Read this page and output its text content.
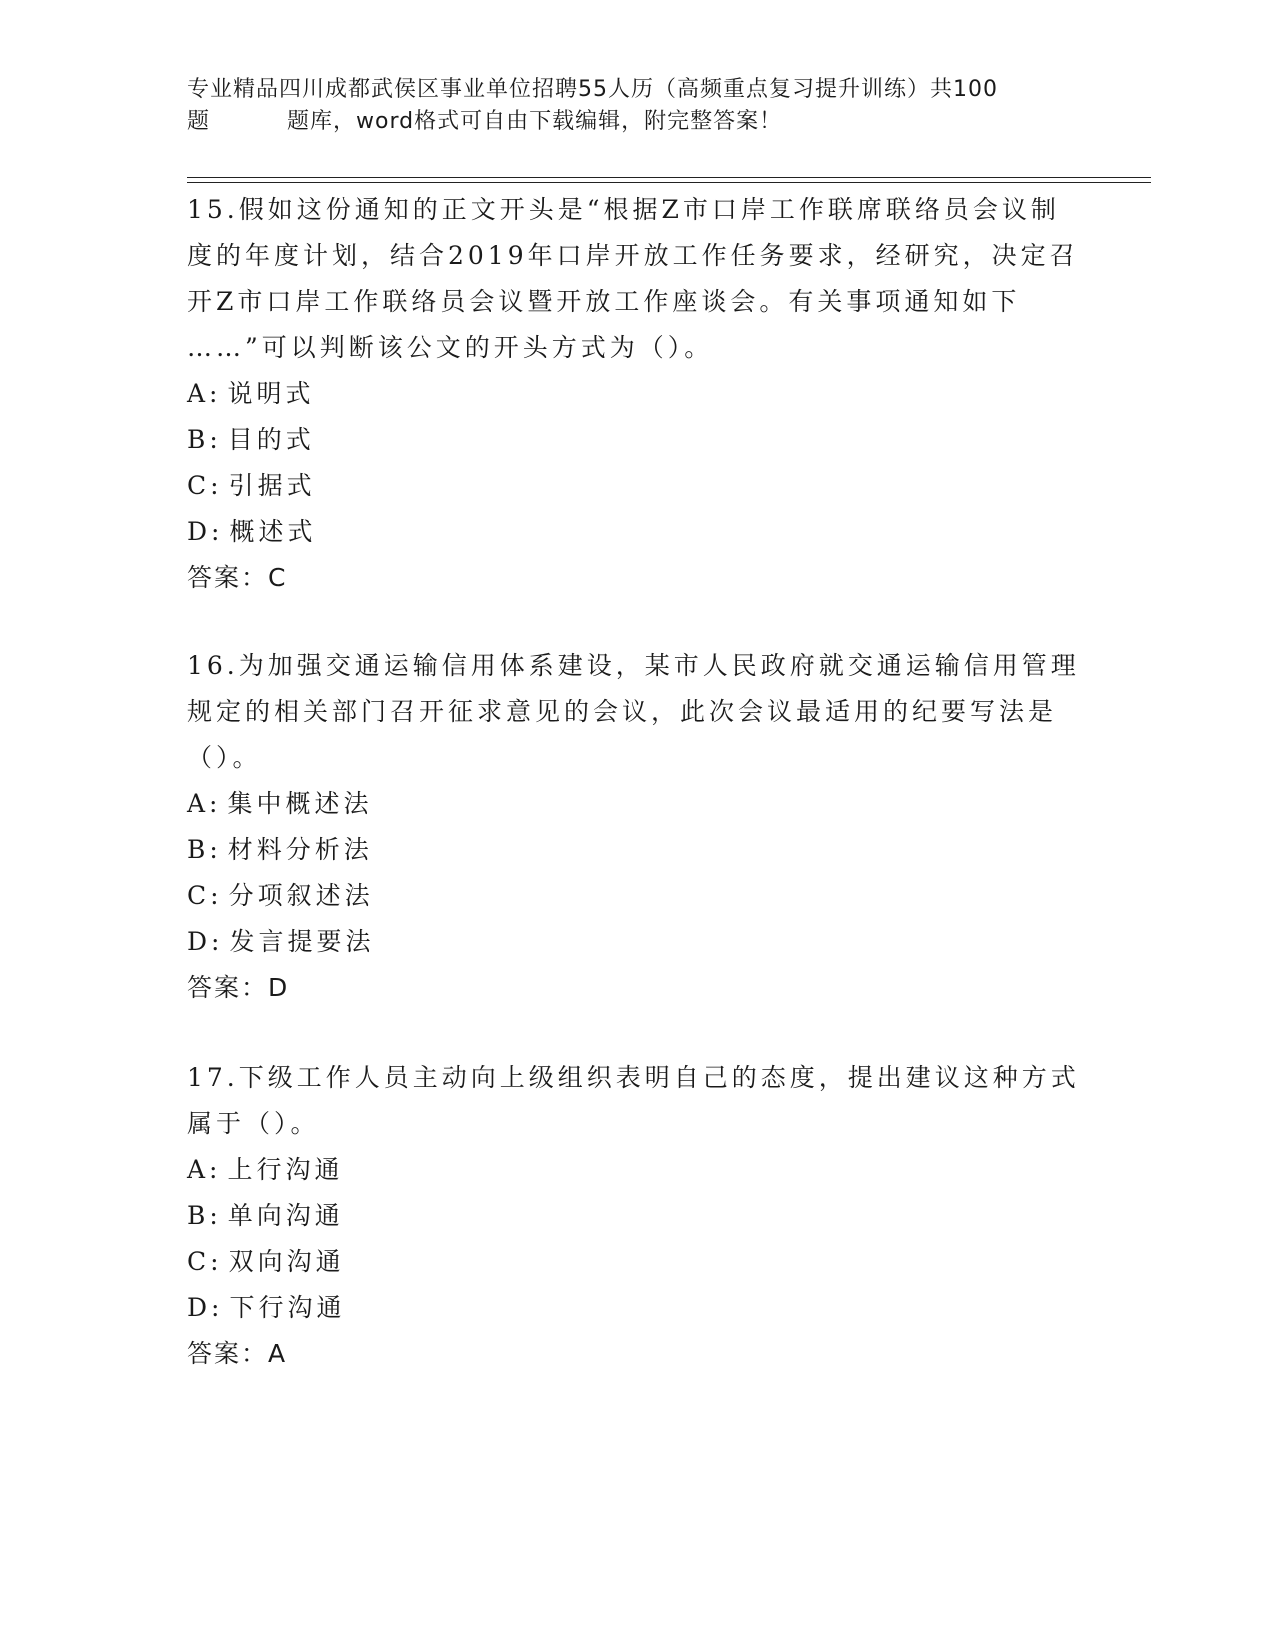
专业精品四川成都武侯区事业单位招聘55人历（高频重点复习提升训练）共100
题	题库，word格式可自由下载编辑，附完整答案！
15.假如这份通知的正文开头是“根据Z市口岸工作联席联络员会议制
度的年度计划，结合2019年口岸开放工作任务要求，经研究，决定召
开Z市口岸工作联络员会议暨开放工作座谈会。有关事项通知如下
……”可以判断该公文的开头方式为（）。
A: 说明式
B: 目的式
C: 引据式
D: 概述式
答案：C
16.为加强交通运输信用体系建设，某市人民政府就交通运输信用管理
规定的相关部门召开征求意见的会议，此次会议最适用的纪要写法是
（）。
A: 集中概述法
B: 材料分析法
C: 分项叙述法
D: 发言提要法
答案：D
17.下级工作人员主动向上级组织表明自己的态度，提出建议这种方式
属于（）。
A: 上行沟通
B: 单向沟通
C: 双向沟通
D: 下行沟通
答案：A
